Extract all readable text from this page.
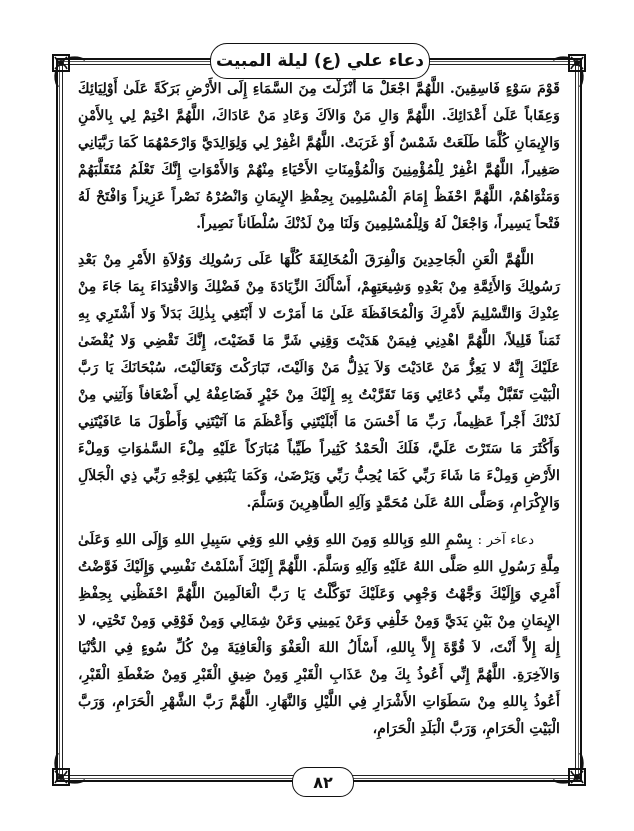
دعاء علي (ع) ليلة المبيت

قَوْمَ سَوْءٍ فَاسِقِينَ. اللَّهُمَّ اجْعَلْ مَا أَنْزَلْتَ مِنَ السَّمَاءِ إِلَى الأَرْضِ بَرَكَةً عَلَىٰ أَوْلِيَائِكَ وَعِقَاباً عَلَىٰ أَعْدَائِكَ. اللَّهُمَّ وَالِ مَنْ وَالاَكَ وَعَادِ مَنْ عَادَاكَ، اللَّهُمَّ اخْتِمْ لِي بِالأَمْنِ وَالإِيمَانِ كُلَّمَا طَلَعَتْ شَمْسٌ أَوْ غَرَبَتْ. اللَّهُمَّ اغْفِرْ لِي وَلِوَالِدَيَّ وَارْحَمْهُمَا كَمَا رَبَّيَانِي صَغِيراً، اللَّهُمَّ اغْفِرْ لِلْمُؤْمِنِينَ وَالْمُؤْمِنَاتِ الأَحْيَاءِ مِنْهُمْ وَالأَمْوَاتِ إِنَّكَ تَعْلَمُ مُتَقَلَّبَهُمْ وَمَثْوَاهُمْ، اللَّهُمَّ احْفَظْ إِمَامَ الْمُسْلِمِينَ بِحِفْظِ الإِيمَانِ وَانْصُرْهُ نَصْراً عَزِيزاً وَافْتَحْ لَهُ فَتْحاً يَسِيراً، وَاجْعَلْ لَهُ وَلِلْمُسْلِمِينَ وَلَنَا مِنْ لَدُنْكَ سُلْطَاناً نَصِيراً.

اللَّهُمَّ الْعَنِ الْجَاحِدِينَ وَالْفِرَقَ الْمُخَالِفَةَ كُلَّهَا عَلَى رَسُولِك وَوُلاَةِ الأَمْرِ مِنْ بَعْدِ رَسُولِكَ وَالأَئِمَّةِ مِنْ بَعْدِهِ وَشِيعَتِهِمْ، أَسْأَلُكَ الزِّيَادَةَ مِنْ فَضْلِكَ وَالاقْتِدَاءَ بِمَا جَاءَ مِنْ عِنْدِكَ وَالتَّسْلِيمَ لأَمْرِكَ وَالْمُحَافَظَةَ عَلَىٰ مَا أَمَرْتَ لا أَبْتَغِي بِذٰلِكَ بَدَلاً وَلا أَشْتَرِي بِهِ ثَمَناً قَلِيلاً، اللَّهُمَّ اهْدِنِي فِيمَنْ هَدَيْتَ وَقِنِي شَرَّ مَا قَضَيْتَ، إِنَّكَ تَقْضِي وَلا يُقْضَىٰ عَلَيْكَ إِنَّهُ لا يَعِزُّ مَنْ عَادَيْتَ وَلاَ يَذِلُّ مَنْ وَالَيْتَ، تَبَارَكْتَ وَتَعَالَيْتَ، سُبْحَانَكَ يَا رَبَّ الْبَيْتِ تَقَبَّلْ مِنِّي دُعَائِي وَمَا تَقَرَّبْتُ بِهِ إِلَيْكَ مِنْ خَيْرٍ فَضَاعِفْهُ لِي أَضْعَافاً وَآتِنِي مِنْ لَدُنْكَ أَجْراً عَظِيماً، رَبِّ مَا أَحْسَنَ مَا أَبْلَيْتَنِي وَأَعْظَمَ مَا آتَيْتَنِي وَأَطْوَلَ مَا عَافَيْتَنِي وَأَكْثَرَ مَا سَتَرْتَ عَلَيَّ، فَلَكَ الْحَمْدُ كَثِيراً طَيِّباً مُبَارَكاً عَلَيْهِ مِلْءَ السَّمٰوَاتِ وَمِلْءَ الأَرْضِ وَمِلْءَ مَا شَاءَ رَبِّي كَمَا يُحِبُّ رَبِّي وَيَرْضَىٰ، وَكَمَا يَنْبَغِي لِوَجْهِ رَبِّي ذِي الْجَلاَلِ وَالإِكْرَامِ، وَصَلَّى اللهُ عَلَىٰ مُحَمَّدٍ وَآلِهِ الطَّاهِرِينَ وَسَلَّمَ.

دعاء آخر : بِسْمِ اللهِ وَبِاللهِ وَمِنَ اللهِ وَفِي اللهِ وَفِي سَبِيلِ اللهِ وَإِلَى اللهِ وَعَلَىٰ مِلَّةِ رَسُولِ اللهِ صَلَّى اللهُ عَلَيْهِ وَآلِهِ وَسَلَّمَ. اللَّهُمَّ إِلَيْكَ أَسْلَمْتُ نَفْسِي وَإِلَيْكَ فَوَّضْتُ أَمْرِي وَإِلَيْكَ وَجَّهْتُ وَجْهِي وَعَلَيْكَ تَوَكَّلْتُ يَا رَبَّ الْعَالَمِينَ اللَّهُمَّ احْفَظْنِي بِحِفْظِ الإِيمَانِ مِنْ بَيْنِ يَدَيَّ وَمِنْ خَلْفِي وَعَنْ يَمِينِي وَعَنْ شِمَالِي وَمِنْ فَوْقِي وَمِنْ تَحْتِي، لا إِلٰهَ إِلاَّ أَنْتَ، لاَ قُوَّةَ إِلاَّ بِاللهِ، أَسْأَلُ اللهَ الْعَفْوَ وَالْعَافِيَةَ مِنْ كُلِّ سُوءٍ فِي الدُّنْيَا وَالآخِرَةِ. اللَّهُمَّ إِنِّي أَعُوذُ بِكَ مِنْ عَذَابِ الْقَبْرِ وَمِنْ ضِيقِ الْقَبْرِ وَمِنْ ضَغْطَةِ الْقَبْرِ، أَعُوذُ بِاللهِ مِنْ سَطَوَاتِ الأَشْرَارِ فِي اللَّيْلِ وَالنَّهَارِ. اللَّهُمَّ رَبَّ الشَّهْرِ الْحَرَامِ، وَرَبَّ الْبَيْتِ الْحَرَامِ، وَرَبَّ الْبَلَدِ الْحَرَامِ،

٨٢
